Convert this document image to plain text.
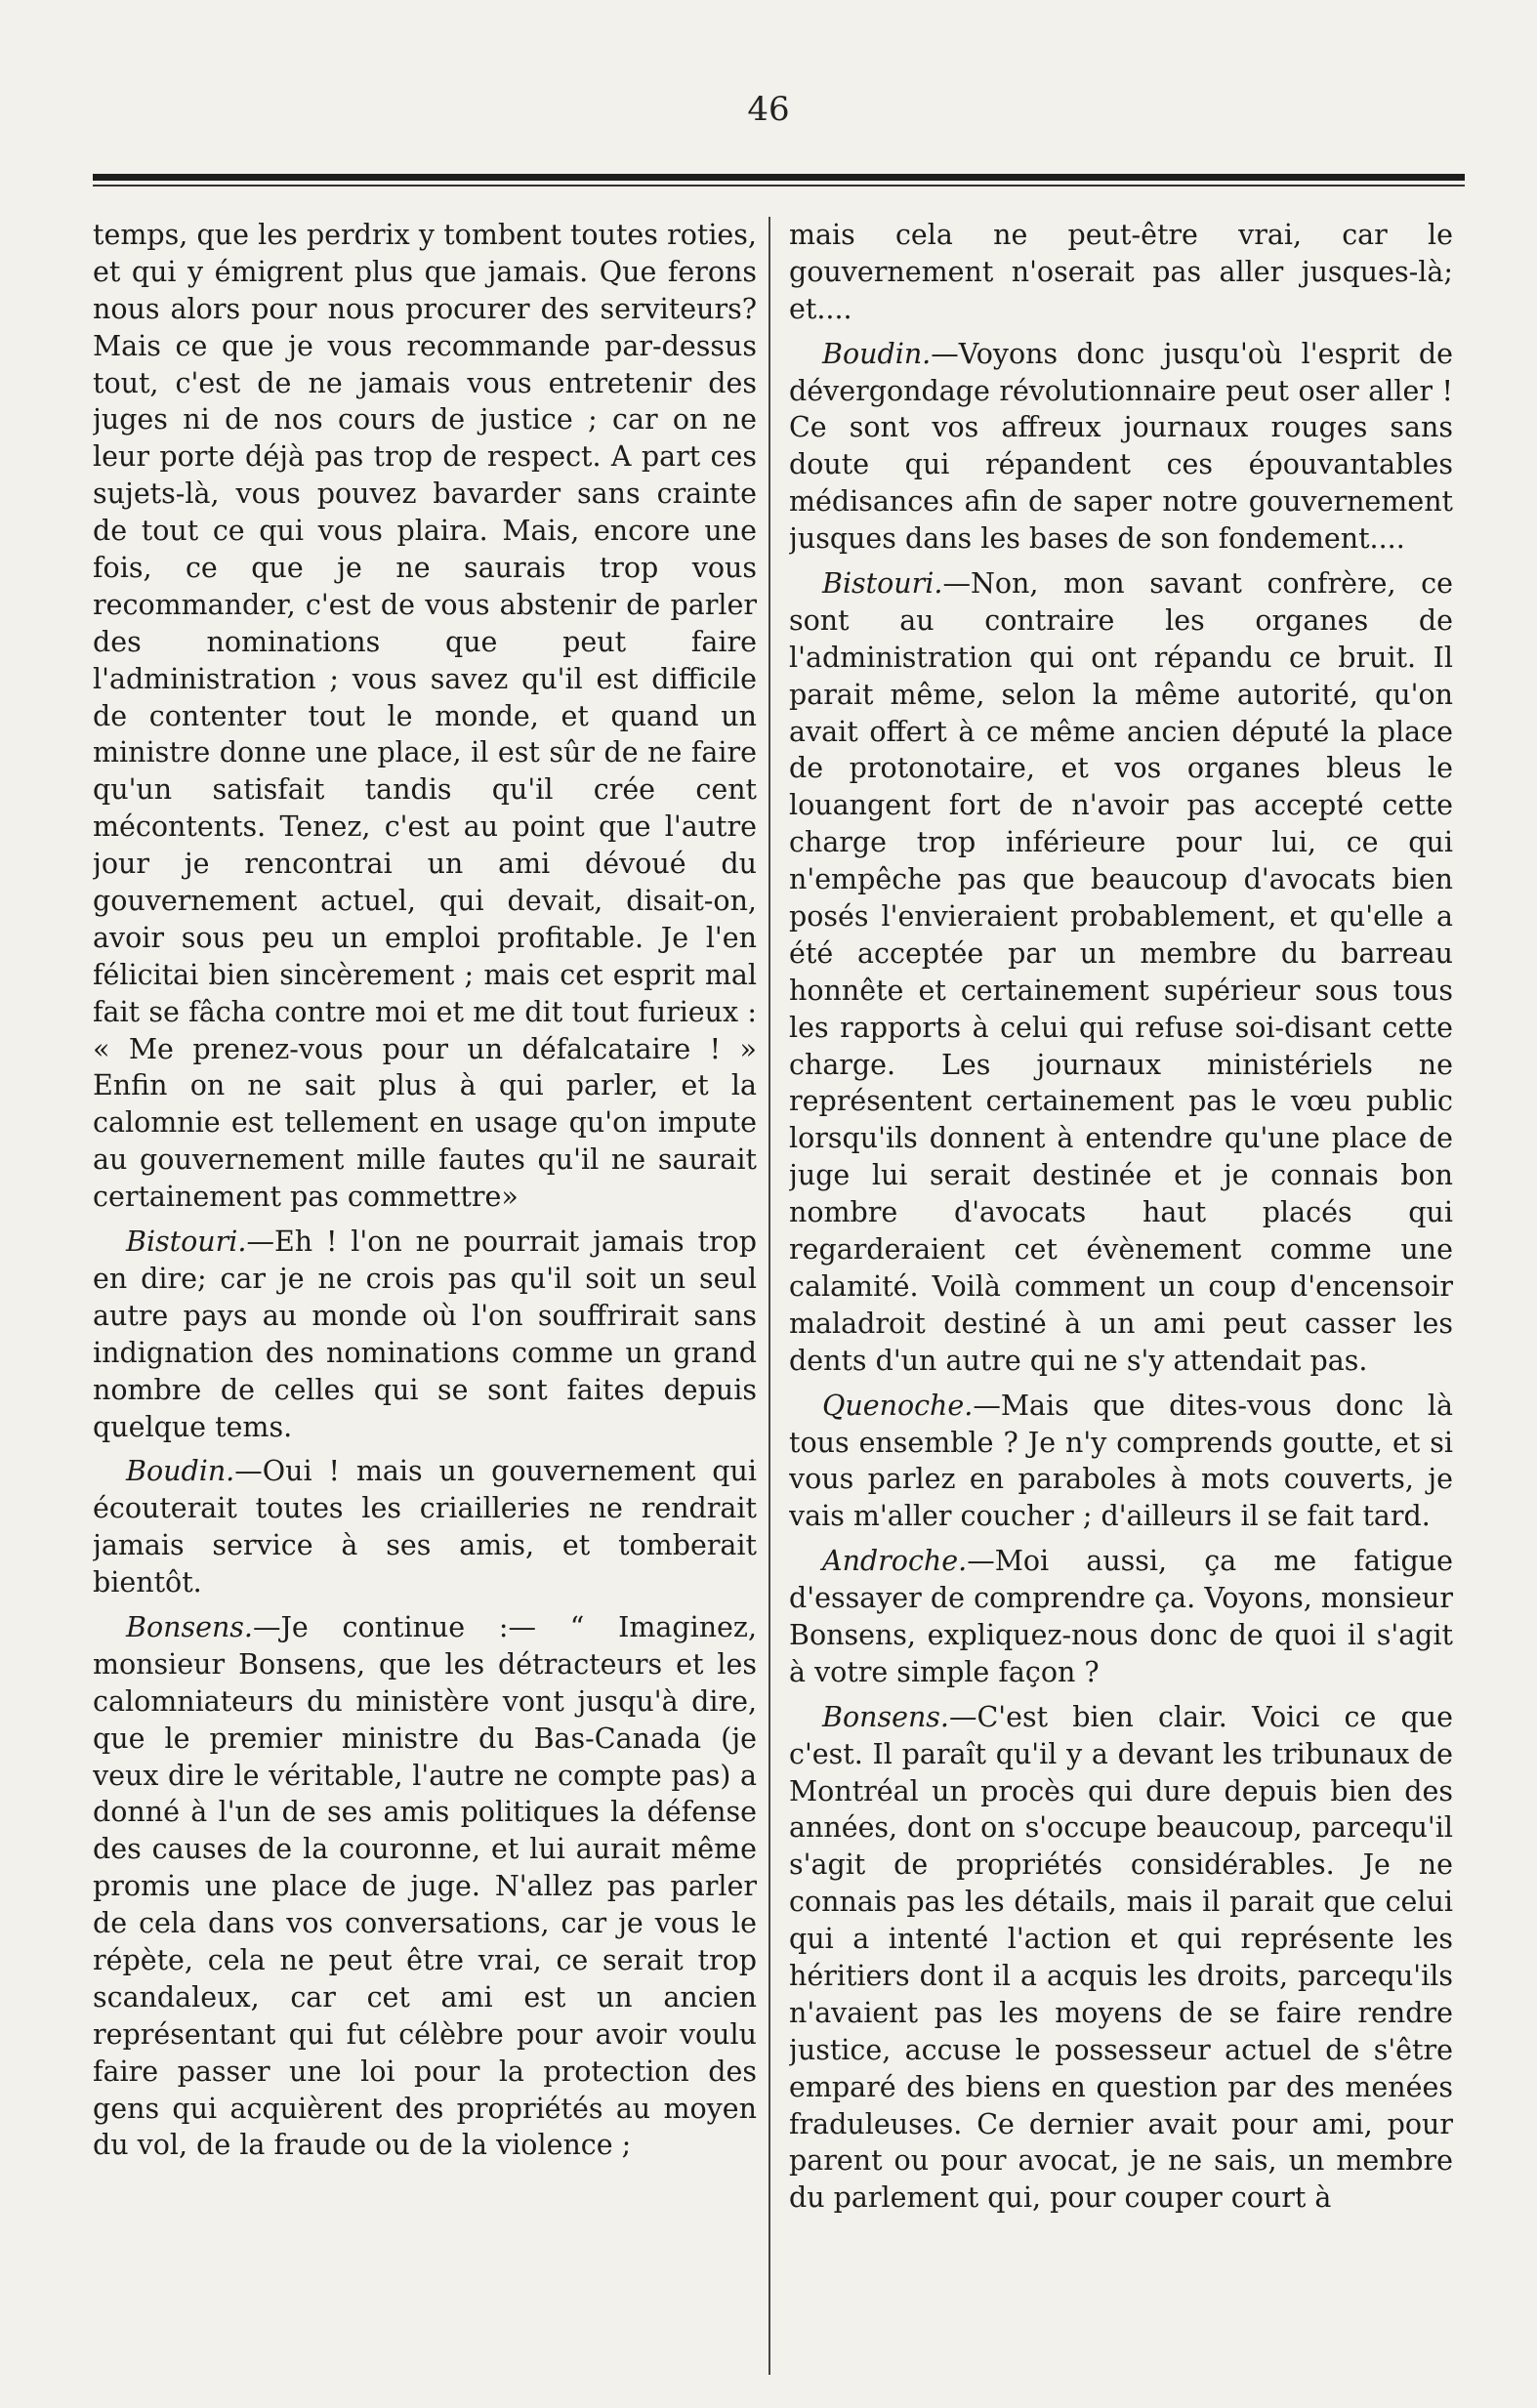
46

temps, que les perdrix y tombent toutes roties, et qui y émigrent plus que jamais. Que ferons nous alors pour nous procurer des serviteurs? Mais ce que je vous recommande par-dessus tout, c'est de ne jamais vous entretenir des juges ni de nos cours de justice ; car on ne leur porte déjà pas trop de respect. A part ces sujets-là, vous pouvez bavarder sans crainte de tout ce qui vous plaira. Mais, encore une fois, ce que je ne saurais trop vous recommander, c'est de vous abstenir de parler des nominations que peut faire l'administration ; vous savez qu'il est difficile de contenter tout le monde, et quand un ministre donne une place, il est sûr de ne faire qu'un satisfait tandis qu'il crée cent mécontents. Tenez, c'est au point que l'autre jour je rencontrai un ami dévoué du gouvernement actuel, qui devait, disait-on, avoir sous peu un emploi profitable. Je l'en félicitai bien sincèrement ; mais cet esprit mal fait se fâcha contre moi et me dit tout furieux : « Me prenez-vous pour un défalcataire ! » Enfin on ne sait plus à qui parler, et la calomnie est tellement en usage qu'on impute au gouvernement mille fautes qu'il ne saurait certainement pas commettre»

Bistouri.—Eh ! l'on ne pourrait jamais trop en dire; car je ne crois pas qu'il soit un seul autre pays au monde où l'on souffrirait sans indignation des nominations comme un grand nombre de celles qui se sont faites depuis quelque tems.

Boudin.—Oui ! mais un gouvernement qui écouterait toutes les criailleries ne rendrait jamais service à ses amis, et tomberait bientôt.

Bonsens.—Je continue :— “ Imaginez, monsieur Bonsens, que les détracteurs et les calomniateurs du ministère vont jusqu'à dire, que le premier ministre du Bas-Canada (je veux dire le véritable, l'autre ne compte pas) a donné à l'un de ses amis politiques la défense des causes de la couronne, et lui aurait même promis une place de juge. N'allez pas parler de cela dans vos conversations, car je vous le répète, cela ne peut être vrai, ce serait trop scandaleux, car cet ami est un ancien représentant qui fut célèbre pour avoir voulu faire passer une loi pour la protection des gens qui acquièrent des propriétés au moyen du vol, de la fraude ou de la violence ;

mais cela ne peut-être vrai, car le gouvernement n'oserait pas aller jusques-là; et....

Boudin.—Voyons donc jusqu'où l'esprit de dévergondage révolutionnaire peut oser aller ! Ce sont vos affreux journaux rouges sans doute qui répandent ces épouvantables médisances afin de saper notre gouvernement jusques dans les bases de son fondement....

Bistouri.—Non, mon savant confrère, ce sont au contraire les organes de l'administration qui ont répandu ce bruit. Il parait même, selon la même autorité, qu'on avait offert à ce même ancien député la place de protonotaire, et vos organes bleus le louangent fort de n'avoir pas accepté cette charge trop inférieure pour lui, ce qui n'empêche pas que beaucoup d'avocats bien posés l'envieraient probablement, et qu'elle a été acceptée par un membre du barreau honnête et certainement supérieur sous tous les rapports à celui qui refuse soi-disant cette charge. Les journaux ministériels ne représentent certainement pas le vœu public lorsqu'ils donnent à entendre qu'une place de juge lui serait destinée et je connais bon nombre d'avocats haut placés qui regarderaient cet évènement comme une calamité. Voilà comment un coup d'encensoir maladroit destiné à un ami peut casser les dents d'un autre qui ne s'y attendait pas.

Quenoche.—Mais que dites-vous donc là tous ensemble ? Je n'y comprends goutte, et si vous parlez en paraboles à mots couverts, je vais m'aller coucher ; d'ailleurs il se fait tard.

Androche.—Moi aussi, ça me fatigue d'essayer de comprendre ça. Voyons, monsieur Bonsens, expliquez-nous donc de quoi il s'agit à votre simple façon ?

Bonsens.—C'est bien clair. Voici ce que c'est. Il paraît qu'il y a devant les tribunaux de Montréal un procès qui dure depuis bien des années, dont on s'occupe beaucoup, parcequ'il s'agit de propriétés considérables. Je ne connais pas les détails, mais il parait que celui qui a intenté l'action et qui représente les héritiers dont il a acquis les droits, parcequ'ils n'avaient pas les moyens de se faire rendre justice, accuse le possesseur actuel de s'être emparé des biens en question par des menées fraduleuses. Ce dernier avait pour ami, pour parent ou pour avocat, je ne sais, un membre du parlement qui, pour couper court à
